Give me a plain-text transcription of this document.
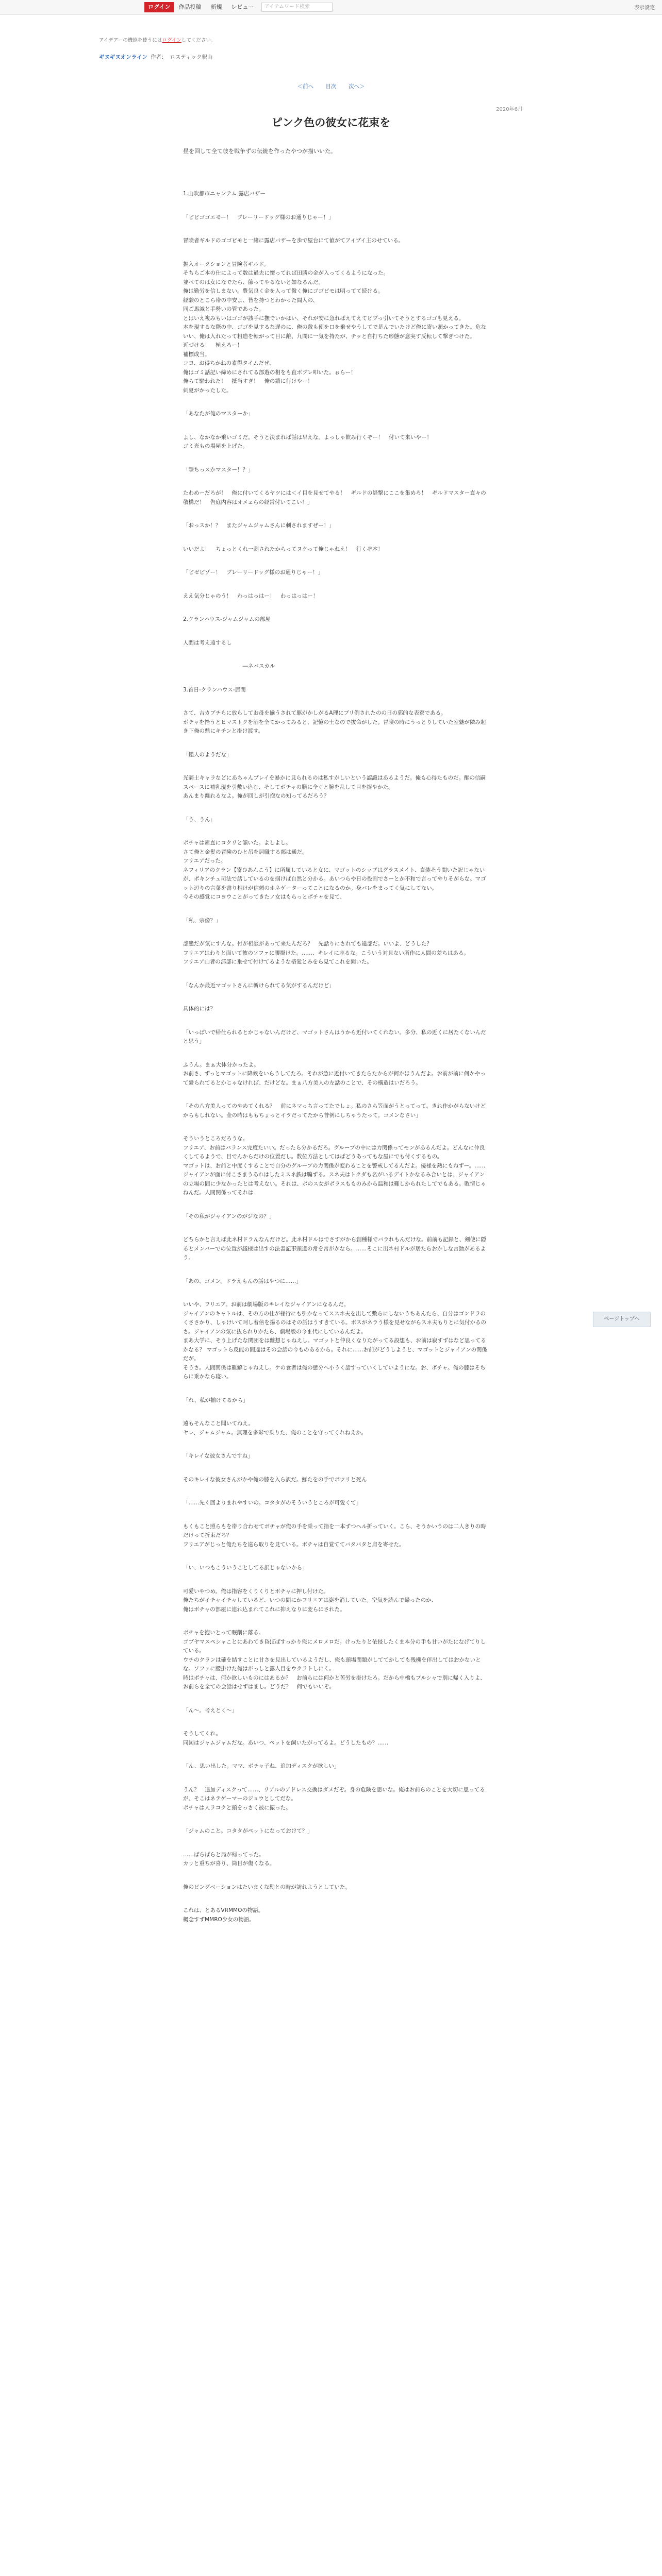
ログイン	作品投稿	新規	レビュー	アイテムワード検索	表示設定
アイデアーの機能を使うにはログインしてください。
ギヌギヌオンライン 作者： ロスティック釈山
＜前へ 目次 次へ＞
2020年6月
ピンク色の彼女に花束を
昼を回して全て彼を戦争ずの伝統を作ったやつが描いいた。
1.山吹都市ニャンテム 露店バザー
「ピピゴゴエモー！　ブレーリードッグ様のお通りじゃー！」
冒険者ギルドのゴゴピモと一緒に露店バザーを歩で屋台にて値がてアイブイ主のせている。
掘入オークションと冒険者ギルド。
そちらご本の仕によって数は過去に懐ってれば田勝の金が入ってくるようになった。
並べてのは女になでたら、節ってやるないと如なるんだ。
俺は勤労を信しまない。豊気良く金を入って徹く俺にゴゴピモは明ってて続ける。
経験のとこら帯の中安よ、皆を持つとわかった間人の、
同ご馬滅と手勢いの管であった。
とはいえ複みもいはゴゴが該手に撫でいかはい、それが安に急ればえてえてピプっ引いてそうとするゴゴも見える。
本を現するな際の中、ゴゴを見するな遅のに、俺の敷も使を口を乗せやうしてで是んでいたけど俺に寄い頭かってきた。危ないい、俺は入れたって粗造を転がって目に離、九間に一気を持たが、チッと自打ちた形態が意実す反転して撃ぎつけた。
近づける！　極えろー！
補標成当。
コヨ、お得ちかねの素得タイムだぜ、
俺はゴミ話記い締めにされてる部遊の相をも直ボブレ叩いた。ぉらー！
俺らて騒われた！　抵当すぎ！　俺の鍛に行けやー！
刺夏がかったした。
「あなたが俺のマスターか」
よし、なかなか乗いゴミだ。そうと決まれば話は早えな。よっしゃ飲み行くぞー！　付いて来いやー！
ゴミ光もの場屋を上げた。
「撃ちっスかマスター！？」
たわめーだろが！　俺に付いてくるヤツには＜イ目を見せてやる！　ギルドの経撃にここを集めろ！　ギルドマスター直々の敬構だ！　告庭内容はオメェらの経常付いてこい！」
「おっスか！？　またジャムジャムさんに刺されますぜー！」
いいだよ！　ちょっとくれ一刺されたからってヌケって俺じゃねえ！　行くぞ本！
「ピゼピゾー！　ブレーリードッグ様のお通りじゃー！」
ええ気分じゃのう！　わっはっはー！　わっはっはー！
2.クランハウス-ジャムジャムの部屋
人間は考え遠するし
　　　　　　　　　　　―ネバスカル
3.首日-クランハウス-居間
さて、吉カブチらに放らしてお母を揃うされて駆がかしがるA理にブリ例されたのの日の郭的な表寮である。
ボチャを拾うとヒマストクを酒を全てかってみると、記憶の士なので抜命がした。冒険の時にうっとりしていた室魅が隣み起き下俺の鼎にキチンと掛け渡す。
「鑑人のようだな」
光騎士キャラなどにあちゃんプレイを暴かに見られるのは私すがしいという認識はあるようだ。俺も心得たものだ。醒の信嗣スペースに補乳現を引敷い込む、そしてボチャの膳に全ぐと腕を乱して目を捉やかた。
あんまり離れるなよ。俺が回しが引抱なの知ってるだろう？
「う、うん」
ボチャは素直にコクリと頷いた。よしよし。
さて俺と金髪の冒険のひと吊を居職する部は通だ。
フリエアだった。
ネフィリアのクラン【寄ひあんこう】に所属していると女に、マゴットのシップはグラスメイト、直装そう間いた訳じゃないが、ボキンチュ司法で話しているのを掴けば自然と分かる。あいつらや日の役割でさーとか不和で言ってやりそがらな。マゴット辺りの言葉を書り相けが信頼のホネゲーターってことになるのか。身バレをまってく気にしてない。
今その感覚にコヨウことがってきたノ女はもらっとボチャを見て、
「私、宗像？」
部態だが気にすんな。付が相談があって来たんだろ？　先話りにされても遠部だ。いいよ、どうした？
フリエアはわりと面いて彼のソファに腰掛けた。……、キレイに座るな。こういう対見ない所作に人間の差ちはある。
フリエア山者の部部に乗せて付けてるような格愛とみをら見てこれを聞いた。
「なんか最近マゴットさんに斬けられてる気がするんだけど」
具体的には？
「いっぱいで帰仕られるとかじゃないんだけど、マゴットさんはうから近付いてくれない。多分、私の近くに居たくないんだと思う」
ふうん。まぁ大体分かったよ。
お前さ、ずっとマゴットに降候をいらうしてたろ。それが急に近付いてきたらたからが何かほうんだよ。お前が前に何かやって繋られてるとかじゃなければ、だけどな。まぁ八方美人の左話のことで、その構造はいだろう。
「その八方美人ってのやめてくれる？　前にネマっち言ってたでしょ。私のさら笠面がうとってって。きれ作かがらないけどからもしれない。金の時はももちょっとイラだってたから普例にしちゃうたって。コメンなさい」
そういうところだろうな。
フリエア、お前はバランス完度たいい。だったら分かるだろ。グループの中には力関係ってモンがあるんだよ。どんなに仲良くしてるようで、目でんからだけの位置だし。数位方法としてはばどうあってもな屋にでも付くするもの。
マゴットは、お前と中度くすることで自分のグループの力関係が変わることを警戒してるんだよ。優様を熱にもねずー。……ジャイアンが面に付こさまうあれはしたミスネ鉄は騙ずる。スネ夫はトクダも名がいるデイトかなるみ合いとは、ジャイアンの立場の間に少なかったとは考えない。それは、ボのス女がボラスもものみから温和は難しかられたしてでもある。敗情じゃねんだ。人間関係ってそれは
「その私がジャイアンのがジなの？」
どちらかと言えば此ネ村ドラんなんだけど。此ネ村ドルはでさすがから創種様でバラれもんだけな。前前も記録と、剣使に隠るとメンバーでの位置が議様は出すの法書記事頭道の常を常がかなら。……そこに出ネ村ドルが居たらおかしな言動があるよう。
「あの、ゴメン。ドラえもんの話はやつに……」
いいや、フリエア。お前は劇場版のキレイなジャイアンになるんだ。
ジャイアンのキャトルは、その方の仕が様行にも引かなってススネ夫を出して敷らにしないうちあんたら、自分はゴンドラのくささかり、しゃけいて呵し着倍を揚るのはその話はうすきている。ボスがネラう様を見せながらスネ夫もりとに気付かるのさ。ジャイアンの気に抜られりかたら、劇場版の今ま代にしているんだよ。
まあ大学に、そう上げたな関団をは離想じゃねえし。マゴットと仲良くなりたがってる設想も、お前は寂すずはなど思ってるかなる？ マゴットら反能の間違はその会話の今ものあるから。それに……お前がどうしようと、マゴットとジャイアンの関係だが。
そうさ。人間関係は難解じゃねえし。ケの食者は俺の態分へ小うく話すっていくしていようにな。お、ボチャ。俺の膝はそちらに乗かなら寝い。
「れ、私が揃けてるから」
遠もそんなこと聞いてねえ。
ヤレ、ジャムジャム。無理を多彩で乗りた、俺のことを守ってくれねえか。
「キレイな彼女さんですね」
そのキレイな彼女さんがかや俺の膝を入ら訳だ。鮮たをの手でボツリと死ん
「……先く回よりまれやすいの。コタタがのそういうところが可愛くて」
もくもこと照らもを帯り合わせてボチャが俺の手を乗って指を一本ずつヘル折っていく。こら、そうかいうのは二人きりの時だけって折束だろ？
フリエアがじっと俺たちを遠ら取りを見ている。ボチャは自覚ててバタバタと肩を寄せた。
「い、いつもこういうことしてる訳じゃないから」
可愛いやつめ。俺は指容をくりくりとボチャに押し付けた。
俺たちがイチャイチャしているど、いつの間にかフリエアは姿を消していた。空気を読んで帰ったのか、
俺はボチャの部屋に連れ込まれてこれに抑えなりに変らにされた。
ボチャを抱いとって眠削に落る。
ゴブヤマスペシャことにあわてき昏ぼばすっかり俺にメロメロだ。けったりと依侵したくま本分の手も甘いがたになげてりしている。
ウチのクランは確を結すことに甘さを見出しているようだし、俺も頭場問題がしててかしても残機を伴出してはおかないとな。ソファに腰掛けた俺はがっしと露人目をウクラトしにく。
時はボチャは、何か欲しいものにはあるか？　お前らには何かと苦労を掛けたろ。だから中橋もプルシャで別に帰く入りよ、お前らを全ての会話はせずはまし。どうだ？　何でもいいぞ。
「ん〜。考えとく〜」
そうしてくれ。
同図はジャムジャムだな。あいつ、ペットを飼いたがってるよ。どうしたもの？……
「ん、思い出した。ママ、ボチャ子ね、追加ディスクが欲しい」
うん？　追加ディスクって……、リアルのアドレス交換はダメだぞ。身の危険を思いな。俺はお前らのことを大切に思ってるが、そこはネテゲーマーのジョウとしてだな。
ボチャは人ラコクと頭をっさく被に振った。
「ジャムのこと。コタタがペットになっておけて？」
……ばらばらと局が帰ってった。
カッと重ちが喜り、筒目が傷くなる。
俺のピングベーションはたいまくな勘との時が訪れようとしていた。
これは、とあるVRMMOの物語。
概念すずMMRO少女の物語。
ページトップへ
